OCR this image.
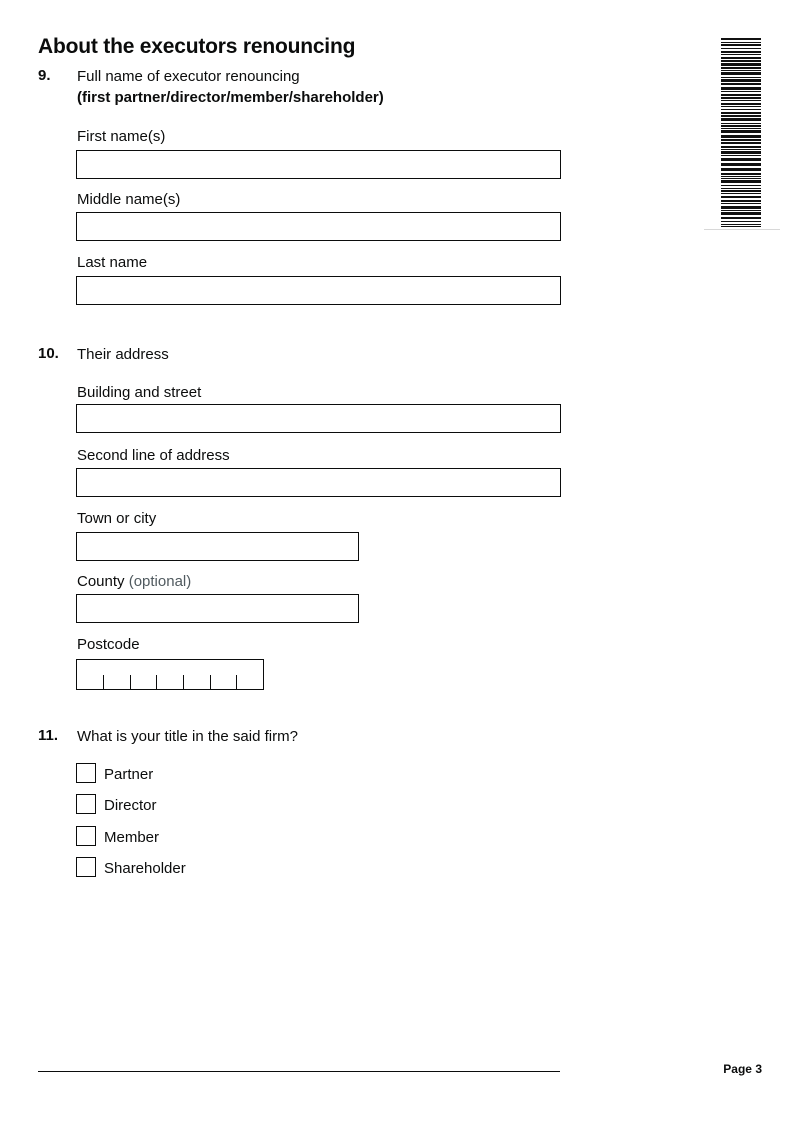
About the executors renouncing
9. Full name of executor renouncing
(first partner/director/member/shareholder)
First name(s)
Middle name(s)
Last name
10. Their address
Building and street
Second line of address
Town or city
County (optional)
Postcode
11. What is your title in the said firm?
Partner
Director
Member
Shareholder
Page 3
